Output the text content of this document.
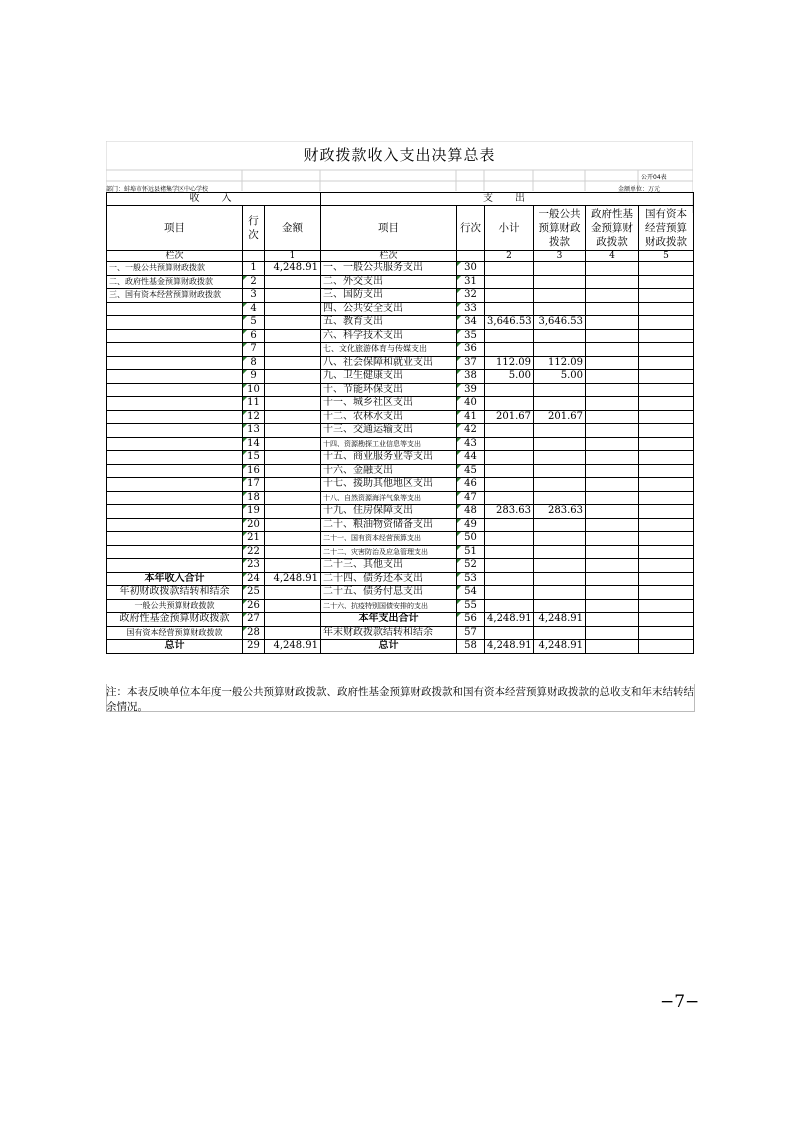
财政拨款收入支出决算总表
公开04表
部门：蚌埠市怀远县褚集学区中心学校	金额单位：万元
收　入			支　出					
项目	行次	金额	项目	行次	小计	一般公共预算财政拨款	政府性基金预算财政拨款	国有资本经营预算财政拨款
栏次		1	栏次		2	3	4	5
一、一般公共预算财政拨款	1	4,248.91	一、一般公共服务支出	30				
二、政府性基金预算财政拨款	2		二、外交支出	31				
三、国有资本经营预算财政拨款	3		三、国防支出	32				
	4		四、公共安全支出	33				
	5		五、教育支出	34	3,646.53	3,646.53		
	6		六、科学技术支出	35				
	7		七、文化旅游体育与传媒支出	36				
	8		八、社会保障和就业支出	37	112.09	112.09		
	9		九、卫生健康支出	38	5.00	5.00		
	10		十、节能环保支出	39				
	11		十一、城乡社区支出	40				
	12		十二、农林水支出	41	201.67	201.67		
	13		十三、交通运输支出	42				
	14		十四、资源勘探工业信息等支出	43				
	15		十五、商业服务业等支出	44				
	16		十六、金融支出	45				
	17		十七、援助其他地区支出	46				
	18		十八、自然资源海洋气象等支出	47				
	19		十九、住房保障支出	48	283.63	283.63		
	20		二十、粮油物资储备支出	49				
	21		二十一、国有资本经营预算支出	50				
	22		二十二、灾害防治及应急管理支出	51				
	23		二十三、其他支出	52				
本年收入合计	24	4,248.91	二十四、债务还本支出	53				
年初财政拨款结转和结余	25		二十五、债务付息支出	54				
一般公共预算财政拨款	26		二十六、抗疫特别国债安排的支出	55				
政府性基金预算财政拨款	27		本年支出合计	56	4,248.91	4,248.91		
国有资本经营预算财政拨款	28		年末财政拨款结转和结余	57				
总计	29	4,248.91	总计	58	4,248.91	4,248.91		
注：本表反映单位本年度一般公共预算财政拨款、政府性基金预算财政拨款和国有资本经营预算财政拨款的总收支和年末结转结余情况。
−7−
